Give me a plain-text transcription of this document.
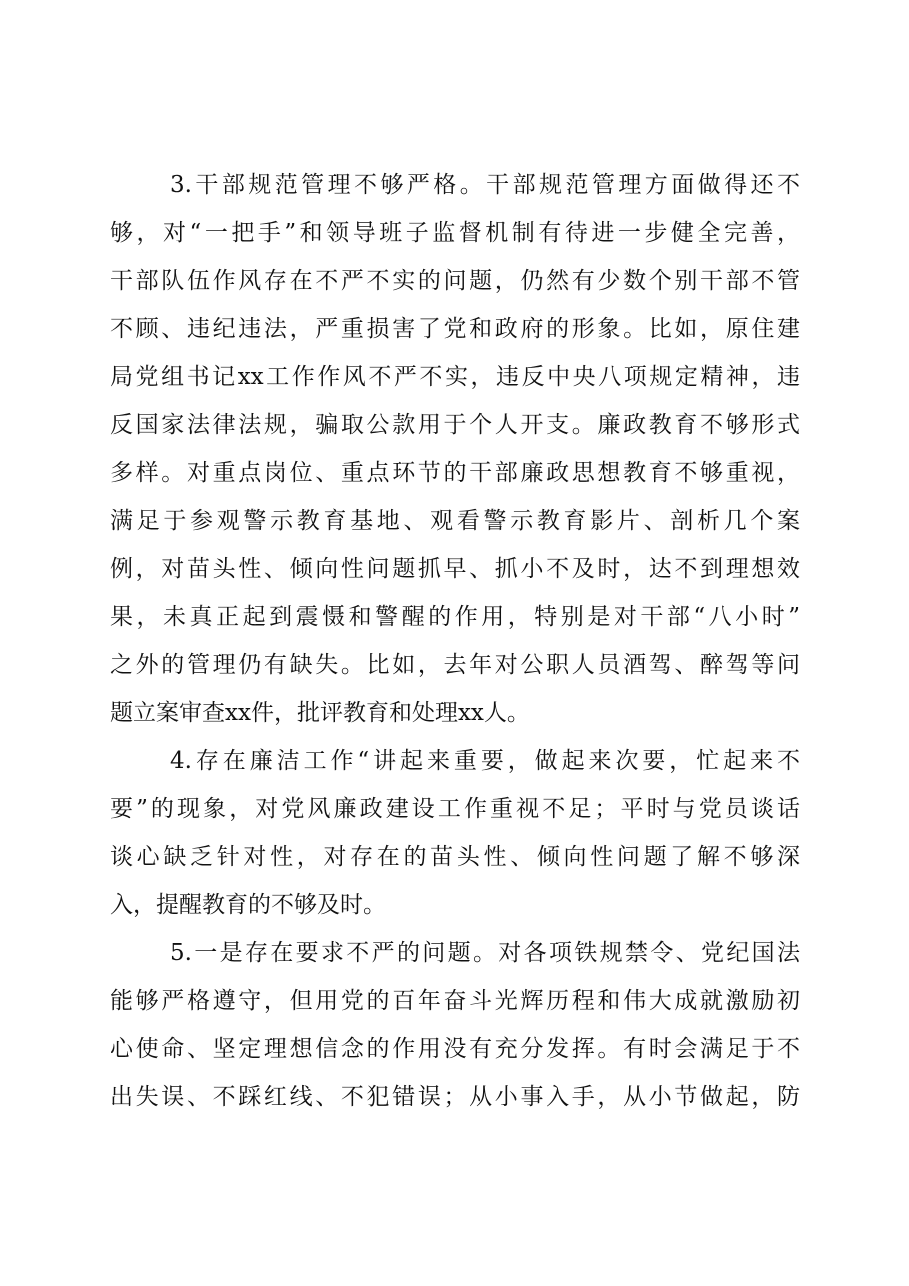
3.干部规范管理不够严格。干部规范管理方面做得还不
够，对“一把手”和领导班子监督机制有待进一步健全完善，
干部队伍作风存在不严不实的问题，仍然有少数个别干部不管
不顾、违纪违法，严重损害了党和政府的形象。比如，原住建
局党组书记xx工作作风不严不实，违反中央八项规定精神，违
反国家法律法规，骗取公款用于个人开支。廉政教育不够形式
多样。对重点岗位、重点环节的干部廉政思想教育不够重视，
满足于参观警示教育基地、观看警示教育影片、剖析几个案
例，对苗头性、倾向性问题抓早、抓小不及时，达不到理想效
果，未真正起到震慑和警醒的作用，特别是对干部“八小时”
之外的管理仍有缺失。比如，去年对公职人员酒驾、醉驾等问
题立案审查xx件，批评教育和处理xx人。
4.存在廉洁工作“讲起来重要，做起来次要，忙起来不
要”的现象，对党风廉政建设工作重视不足；平时与党员谈话
谈心缺乏针对性，对存在的苗头性、倾向性问题了解不够深
入，提醒教育的不够及时。
5.一是存在要求不严的问题。对各项铁规禁令、党纪国法
能够严格遵守，但用党的百年奋斗光辉历程和伟大成就激励初
心使命、坚定理想信念的作用没有充分发挥。有时会满足于不
出失误、不踩红线、不犯错误；从小事入手，从小节做起，防
